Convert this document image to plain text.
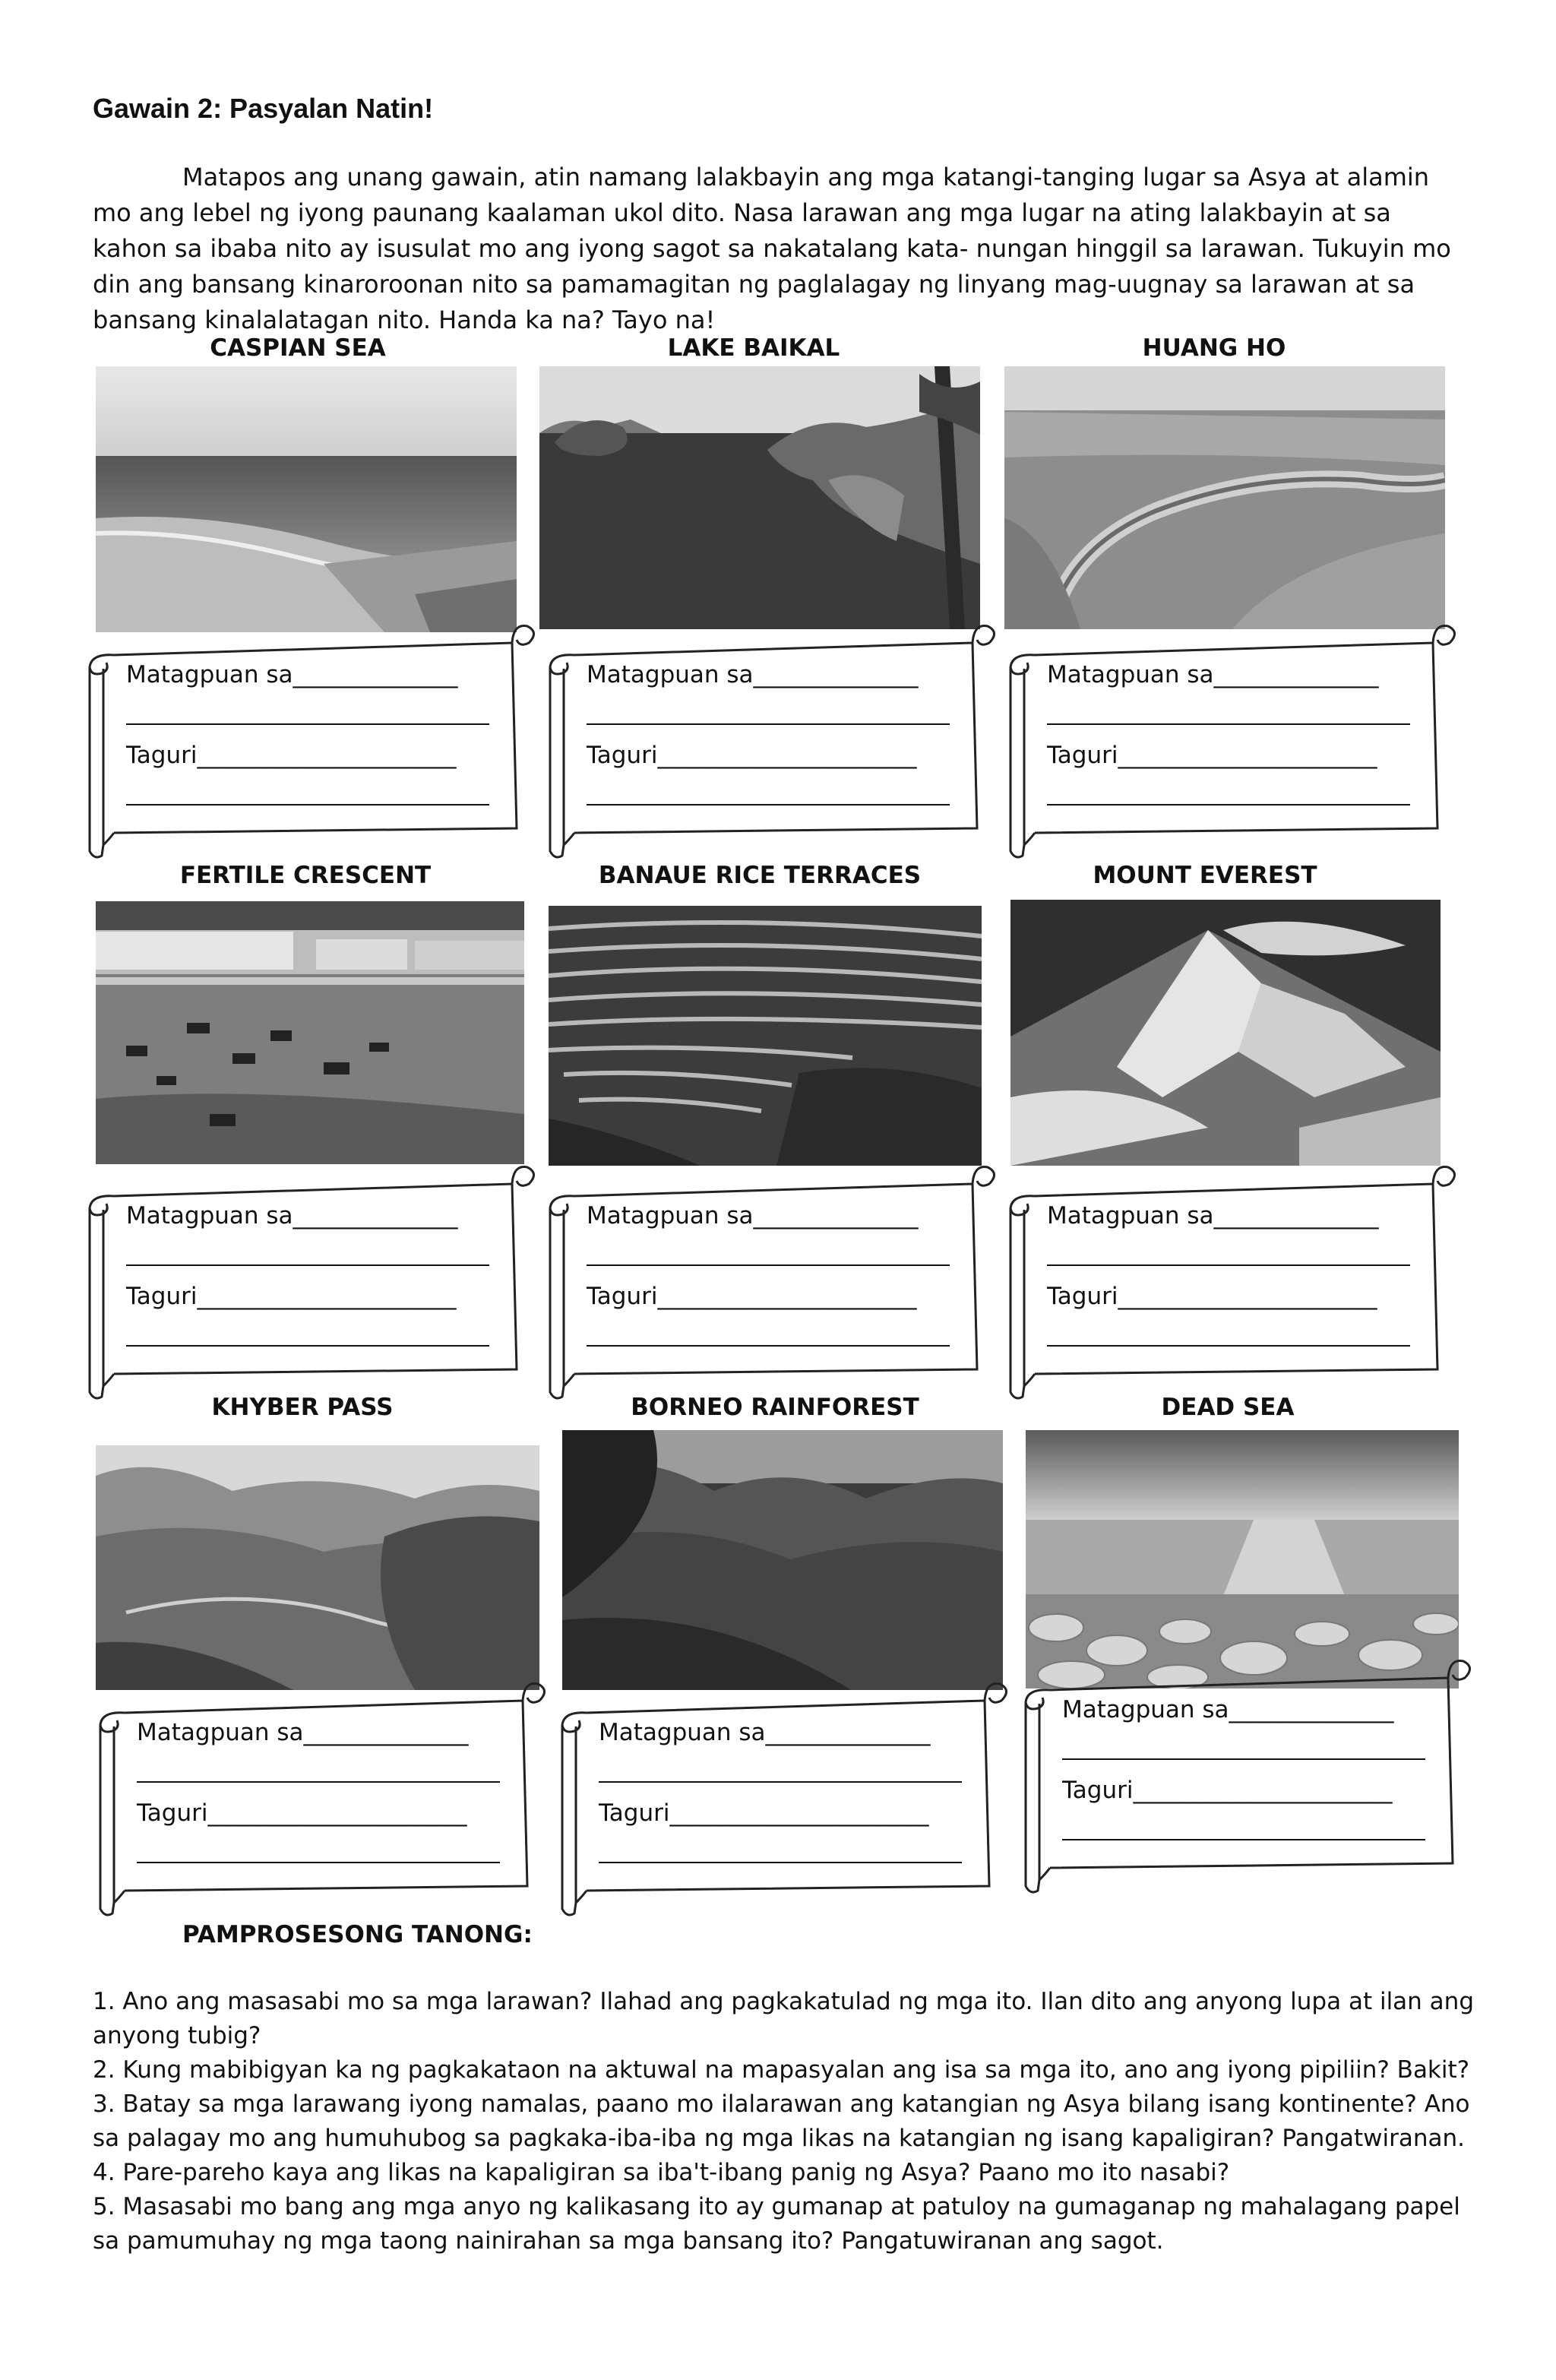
Gawain 2: Pasyalan Natin!
Matapos ang unang gawain, atin namang lalakbayin ang mga katangi-tanging lugar sa Asya at alamin mo ang lebel ng iyong paunang kaalaman ukol dito. Nasa larawan ang mga lugar na ating lalakbayin at sa kahon sa ibaba nito ay isusulat mo ang iyong sagot sa nakatalang kata- nungan hinggil sa larawan. Tukuyin mo din ang bansang kinaroroonan nito sa pamamagitan ng paglalagay ng linyang mag-uugnay sa larawan at sa bansang kinalalatagan nito. Handa ka na? Tayo na!
CASPIAN SEA	LAKE BAIKAL	HUANG HO
Matagpuan sa______________
Taguri______________________
Matagpuan sa______________
Taguri______________________
Matagpuan sa______________
Taguri______________________
FERTILE CRESCENT	BANAUE RICE TERRACES	MOUNT EVEREST
Matagpuan sa______________
Taguri______________________
Matagpuan sa______________
Taguri______________________
Matagpuan sa______________
Taguri______________________
KHYBER PASS	BORNEO RAINFOREST	DEAD SEA
Matagpuan sa______________
Taguri______________________
Matagpuan sa______________
Taguri______________________
Matagpuan sa______________
Taguri______________________
PAMPROSESONG TANONG:

1. Ano ang masasabi mo sa mga larawan? Ilahad ang pagkakatulad ng mga ito. Ilan dito ang anyong lupa at ilan ang anyong tubig?

2. Kung mabibigyan ka ng pagkakataon na aktuwal na mapasyalan ang isa sa mga ito, ano ang iyong pipiliin? Bakit?

3. Batay sa mga larawang iyong namalas, paano mo ilalarawan ang katangian ng Asya bilang isang kontinente? Ano sa palagay mo ang humuhubog sa pagkaka-iba-iba ng mga likas na katangian ng isang kapaligiran? Pangatwiranan.

4. Pare-pareho kaya ang likas na kapaligiran sa iba't-ibang panig ng Asya? Paano mo ito nasabi?

5. Masasabi mo bang ang mga anyo ng kalikasang ito ay gumanap at patuloy na gumaganap ng mahalagang papel sa pamumuhay ng mga taong nainirahan sa mga bansang ito? Pangatuwiranan ang sagot.
